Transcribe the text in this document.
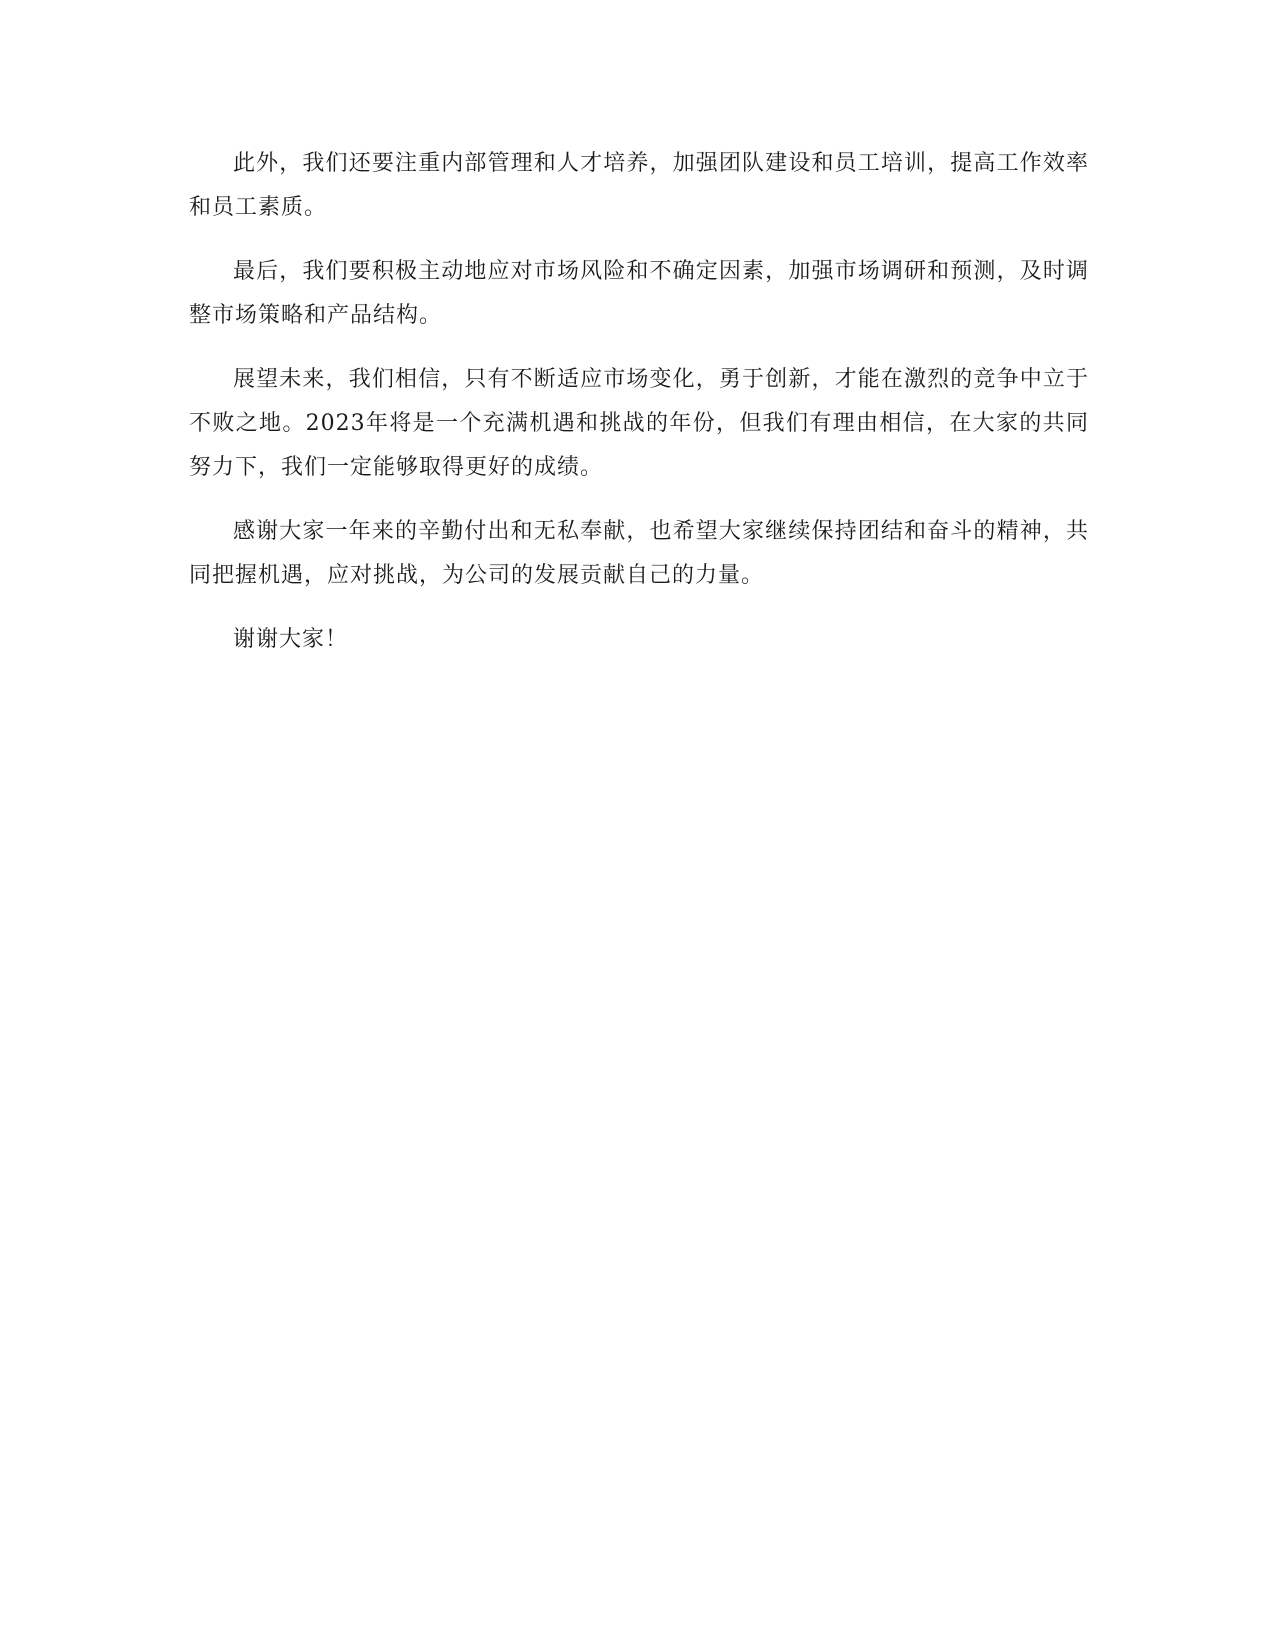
此外，我们还要注重内部管理和人才培养，加强团队建设和员工培训，提高工作效率和员工素质。

最后，我们要积极主动地应对市场风险和不确定因素，加强市场调研和预测，及时调整市场策略和产品结构。

展望未来，我们相信，只有不断适应市场变化，勇于创新，才能在激烈的竞争中立于不败之地。2023年将是一个充满机遇和挑战的年份，但我们有理由相信，在大家的共同努力下，我们一定能够取得更好的成绩。

感谢大家一年来的辛勤付出和无私奉献，也希望大家继续保持团结和奋斗的精神，共同把握机遇，应对挑战，为公司的发展贡献自己的力量。

谢谢大家！
